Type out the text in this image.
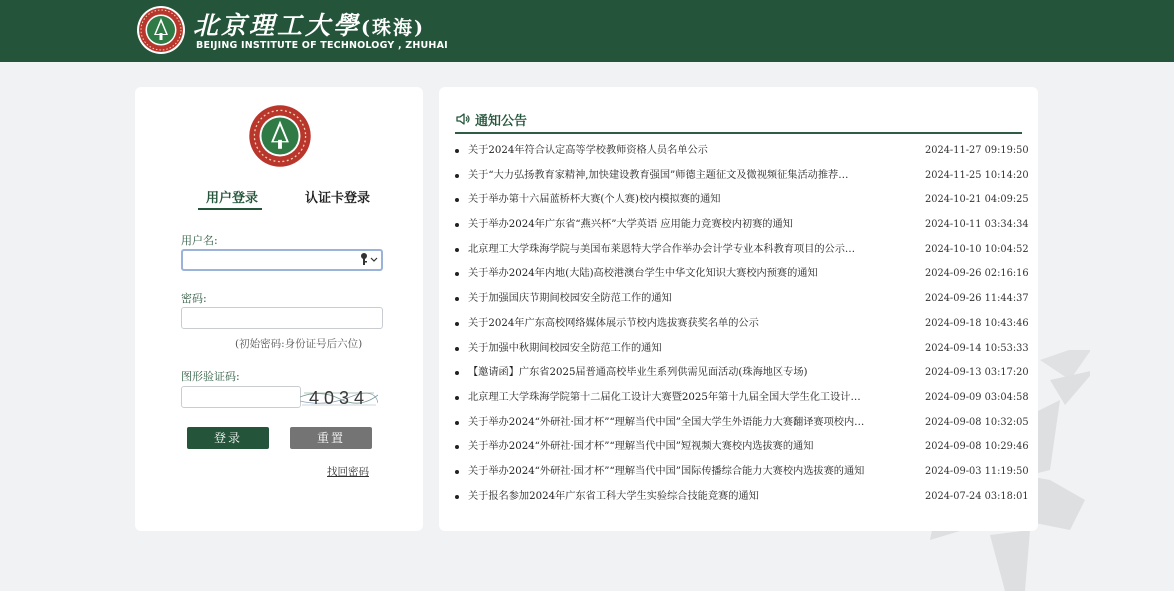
北京理工大學(珠海)
BEIJING INSTITUTE OF TECHNOLOGY , ZHUHAI
用户登录	认证卡登录
用户名:
密码:
(初始密码:身份证号后六位)
图形验证码:
4034
登录	重置
找回密码
通知公告
关于2024年符合认定高等学校教师资格人员名单公示	2024-11-27 09:19:50
关于“大力弘扬教育家精神,加快建设教育强国”师德主题征文及微视频征集活动推荐…	2024-11-25 10:14:20
关于举办第十六届蓝桥杯大赛(个人赛)校内模拟赛的通知	2024-10-21 04:09:25
关于举办2024年广东省“燕兴杯”大学英语 应用能力竞赛校内初赛的通知	2024-10-11 03:34:34
北京理工大学珠海学院与美国布莱恩特大学合作举办会计学专业本科教育项目的公示…	2024-10-10 10:04:52
关于举办2024年内地(大陆)高校港澳台学生中华文化知识大赛校内预赛的通知	2024-09-26 02:16:16
关于加强国庆节期间校园安全防范工作的通知	2024-09-26 11:44:37
关于2024年广东高校网络媒体展示节校内选拔赛获奖名单的公示	2024-09-18 10:43:46
关于加强中秋期间校园安全防范工作的通知	2024-09-14 10:53:33
【邀请函】广东省2025届普通高校毕业生系列供需见面活动(珠海地区专场)	2024-09-13 03:17:20
北京理工大学珠海学院第十二届化工设计大赛暨2025年第十九届全国大学生化工设计…	2024-09-09 03:04:58
关于举办2024“外研社·国才杯”“理解当代中国”全国大学生外语能力大赛翻译赛项校内…	2024-09-08 10:32:05
关于举办2024“外研社·国才杯”“理解当代中国”短视频大赛校内选拔赛的通知	2024-09-08 10:29:46
关于举办2024“外研社·国才杯”“理解当代中国”国际传播综合能力大赛校内选拔赛的通知	2024-09-03 11:19:50
关于报名参加2024年广东省工科大学生实验综合技能竞赛的通知	2024-07-24 03:18:01
